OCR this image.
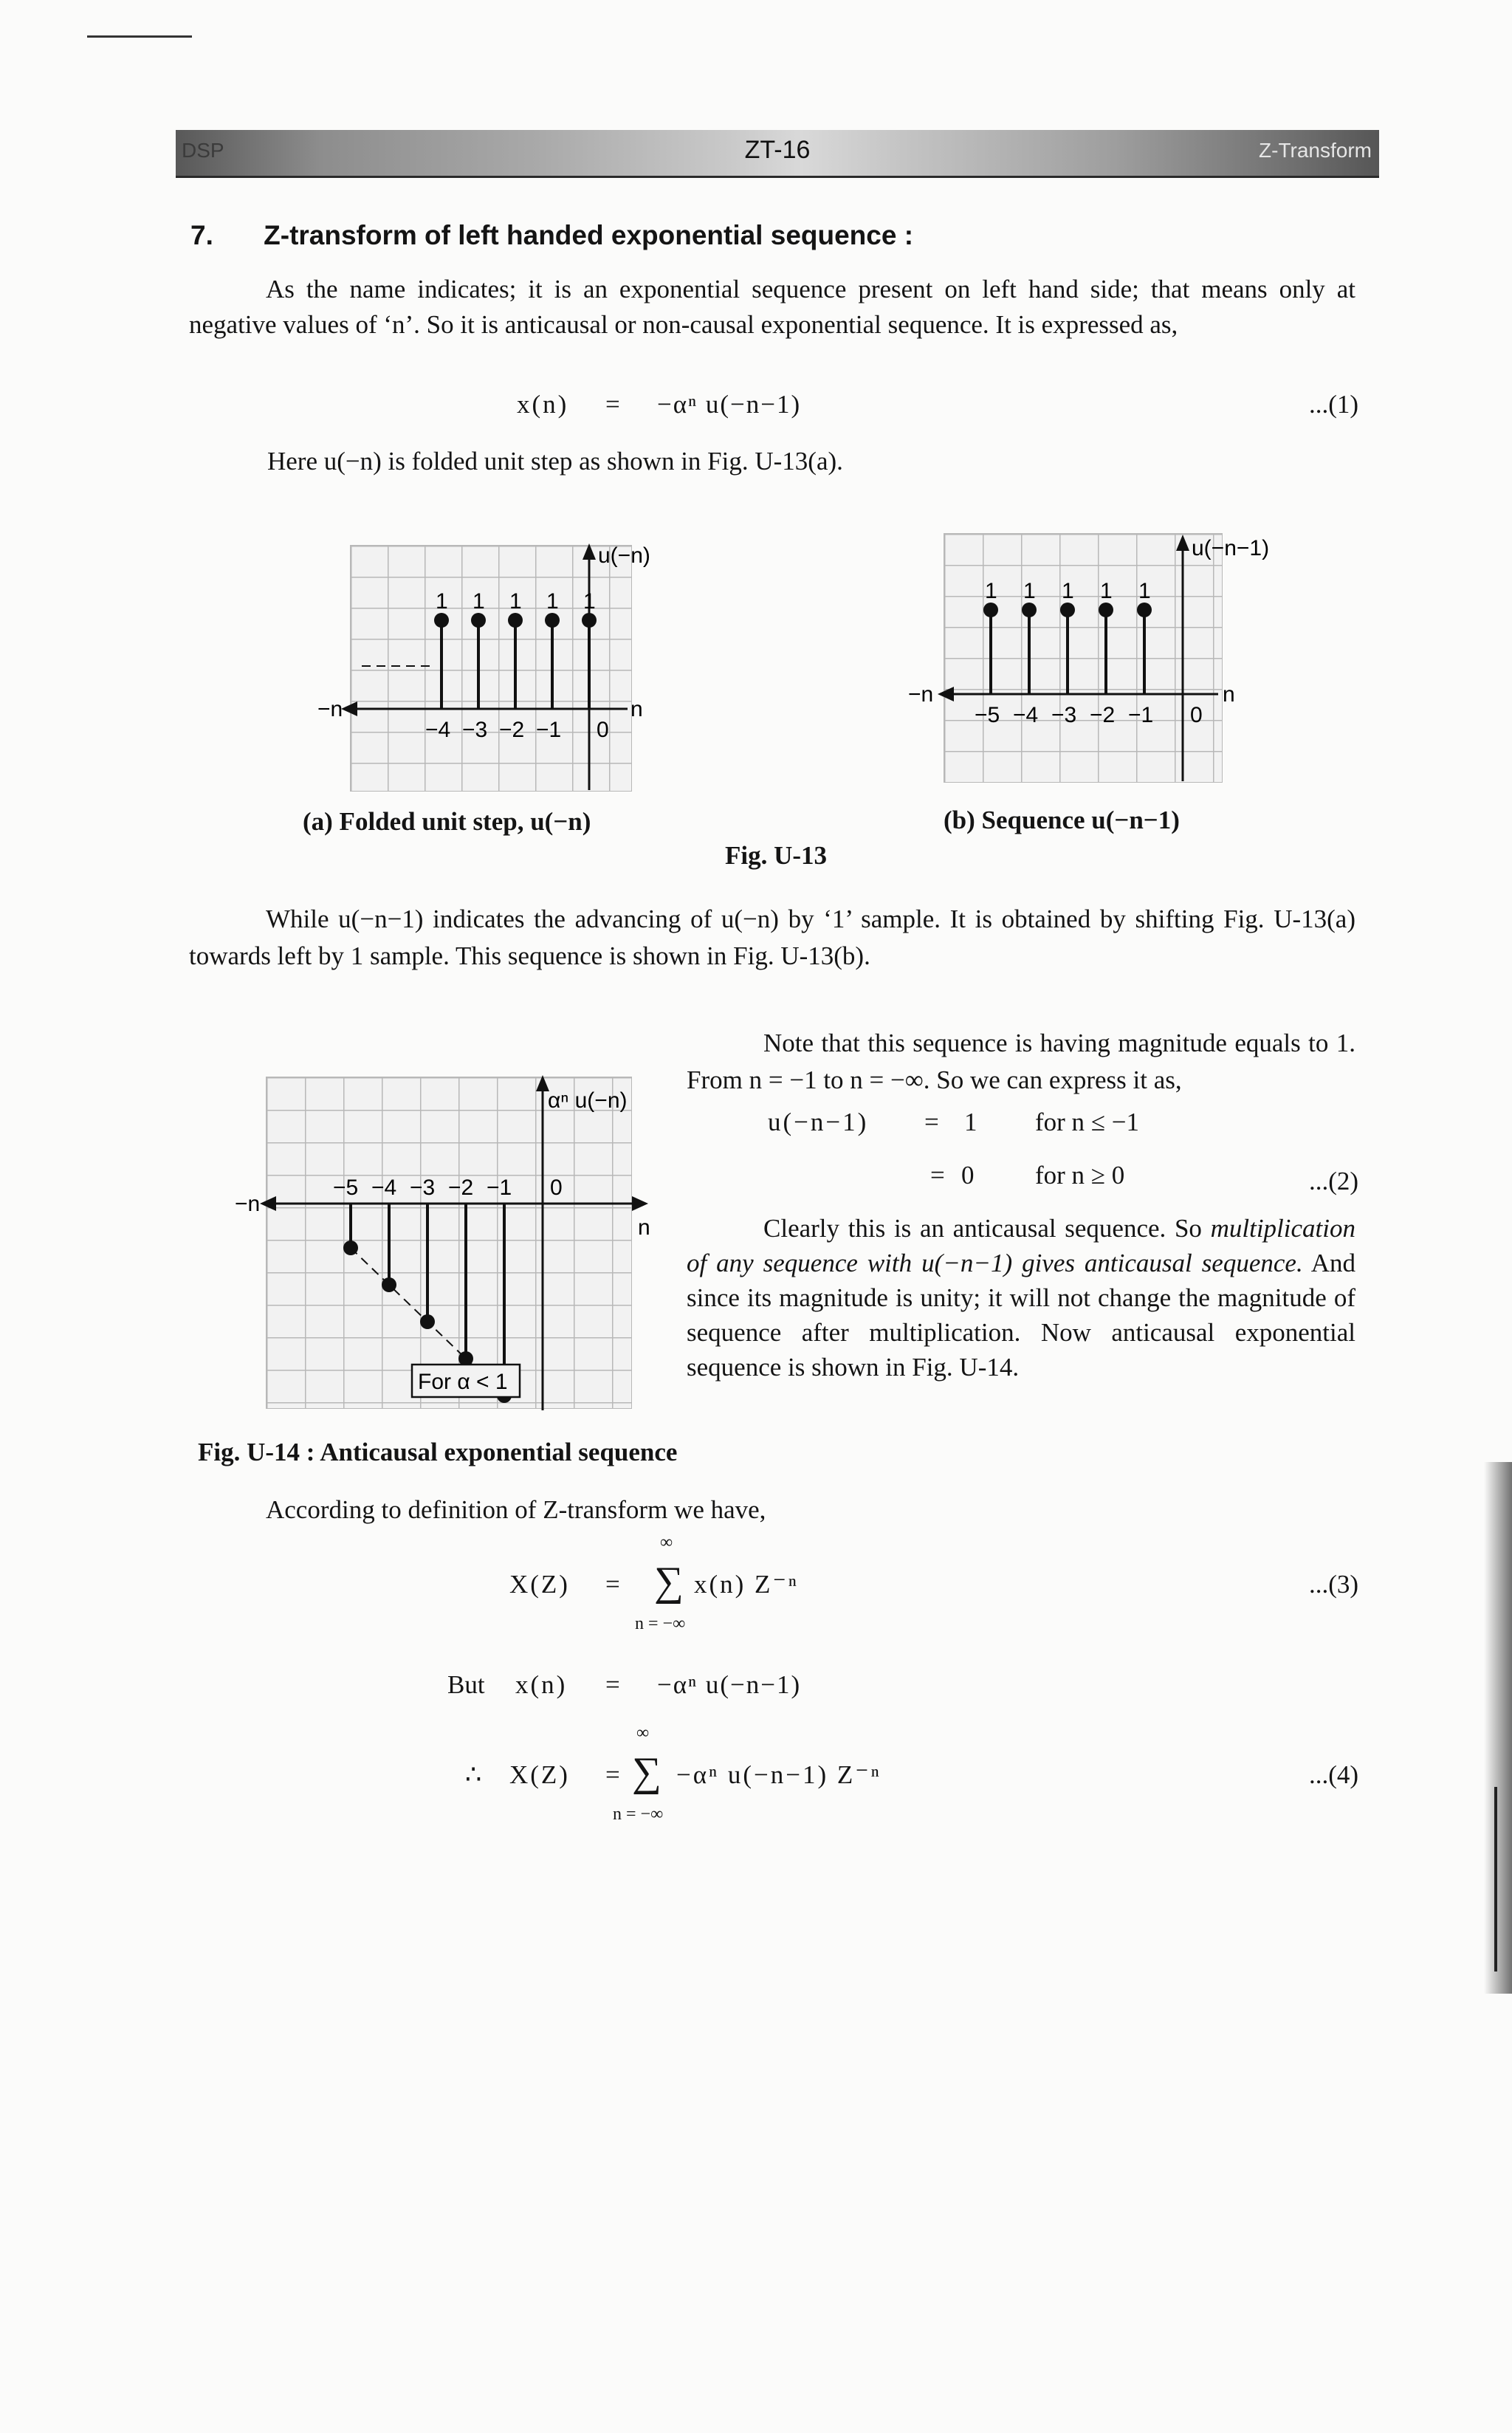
DSP	ZT-16	Z-Transform
7. Z-transform of left handed exponential sequence :
As the name indicates; it is an exponential sequence present on left hand side; that means only at negative values of ‘n’. So it is anticausal or non-causal exponential sequence. It is expressed as,
x(n) = −αⁿ u(−n−1)	...(1)
Here u(−n) is folded unit step as shown in Fig. U-13(a).
1
−4
1
−3
1
−2
1
−1
1
0
u(−n)
n
−n
1
−5
1
−4
1
−3
1
−2
1
−1 0
u(−n−1)
n
−n
(a) Folded unit step, u(−n)	(b) Sequence u(−n−1)
Fig. U-13
While u(−n−1) indicates the advancing of u(−n) by ‘1’ sample. It is obtained by shifting Fig. U-13(a) towards left by 1 sample. This sequence is shown in Fig. U-13(b).
−5 −4 −3 −2 −1 0
For α < 1
αⁿ u(−n)
n
−n
Fig. U-14 : Anticausal exponential sequence
Note that this sequence is having magnitude equals to 1. From n = −1 to n = −∞. So we can express it as,
u(−n−1) = 1 for n ≤ −1
= 0 for n ≥ 0	...(2)
Clearly this is an anticausal sequence. So multiplication of any sequence with u(−n−1) gives anticausal sequence. And since its magnitude is unity; it will not change the magnitude of sequence after multiplication. Now anticausal exponential sequence is shown in Fig. U-14.
According to definition of Z-transform we have,
X(Z) =
∞
∑
n = −∞
x(n) Z⁻ⁿ	...(3)
But x(n) = −αⁿ u(−n−1)
∴ X(Z) =
∞
∑
n = −∞
−αⁿ u(−n−1) Z⁻ⁿ	...(4)
